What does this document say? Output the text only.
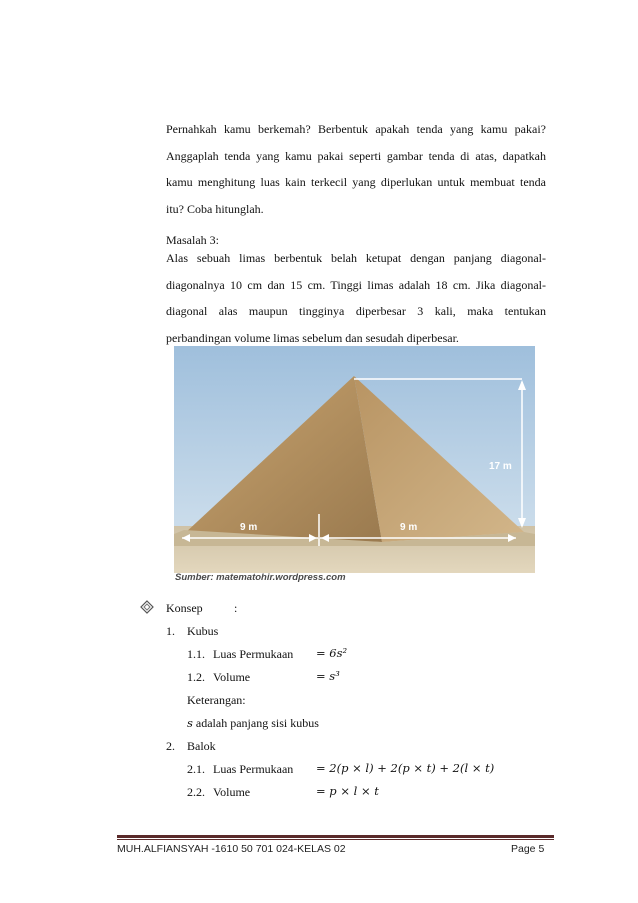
Pernahkah kamu berkemah? Berbentuk apakah tenda yang kamu pakai? Anggaplah tenda yang kamu pakai seperti gambar tenda di atas, dapatkah kamu menghitung luas kain terkecil yang diperlukan untuk membuat tenda itu? Coba hitunglah.

Masalah 3:

Alas sebuah limas berbentuk belah ketupat dengan panjang diagonal-diagonalnya 10 cm dan 15 cm. Tinggi limas adalah 18 cm. Jika diagonal-diagonal alas maupun tingginya diperbesar 3 kali, maka tentukan perbandingan volume limas sebelum dan sesudah diperbesar.

17 m
9 m	9 m
Sumber: matematohir.wordpress.com
Konsep	:
1. Kubus
1.1. Luas Permukaan = 6s²
1.2. Volume	= s³
Keterangan:
s adalah panjang sisi kubus
2. Balok
2.1. Luas Permukaan = 2(p × l) + 2(p × t) + 2(l × t)
2.2. Volume	= p × l × t
MUH.ALFIANSYAH -1610 50 701 024-KELAS 02	Page 5
